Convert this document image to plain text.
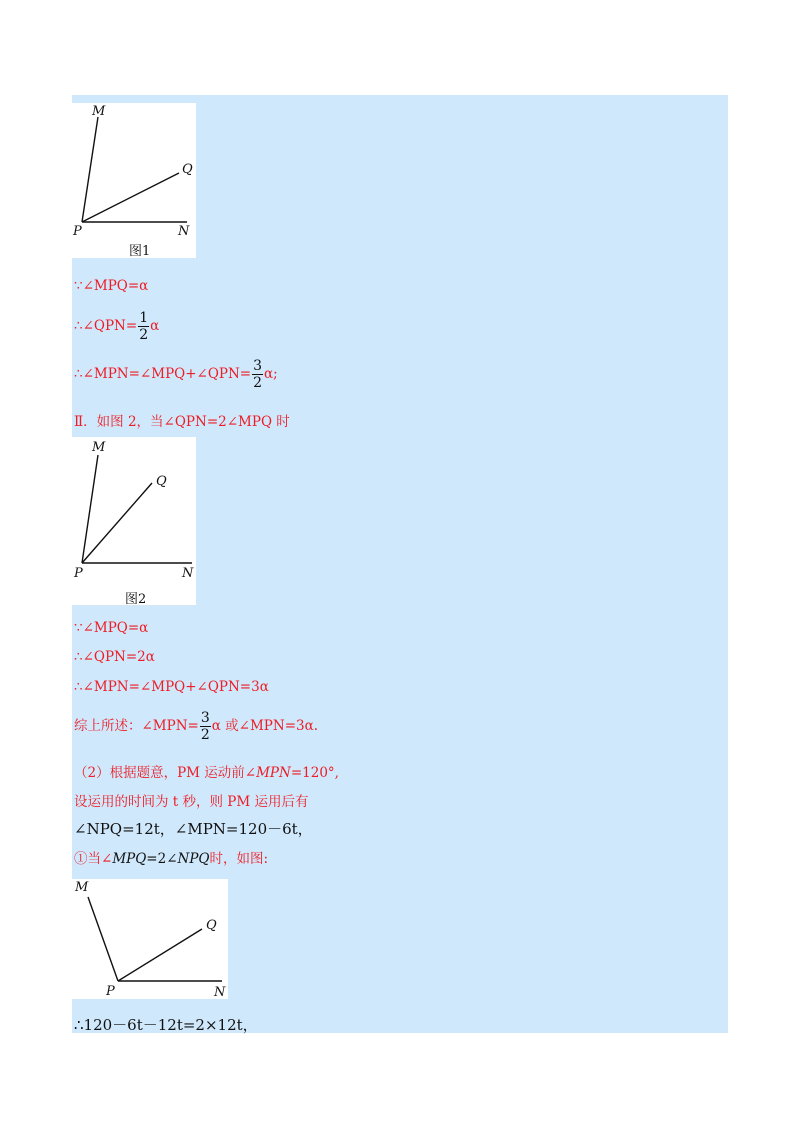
M
Q
P	N
图1
∵∠MPQ=α
∴∠QPN= $\frac{1}{2}$ α
∴∠MPN=∠MPQ+∠QPN= $\frac{3}{2} \alpha$;
Ⅱ．如图 2，当∠QPN=2∠MPQ 时
M
Q
P	N
图2
∵∠MPQ=α
∴∠QPN=2α
∴∠MPN=∠MPQ+∠QPN=3α
综上所述：∠MPN= $\frac{3}{2}$ α 或∠MPN=3α.
（2）根据题意，PM 运动前∠MPN=120°,
设运用的时间为 t 秒，则 PM 运用后有
∠NPQ=12t，∠MPN=120－6t，
①当∠MPQ=2∠NPQ时，如图:
M
Q
P	N
∴120－6t－12t=2×12t，
